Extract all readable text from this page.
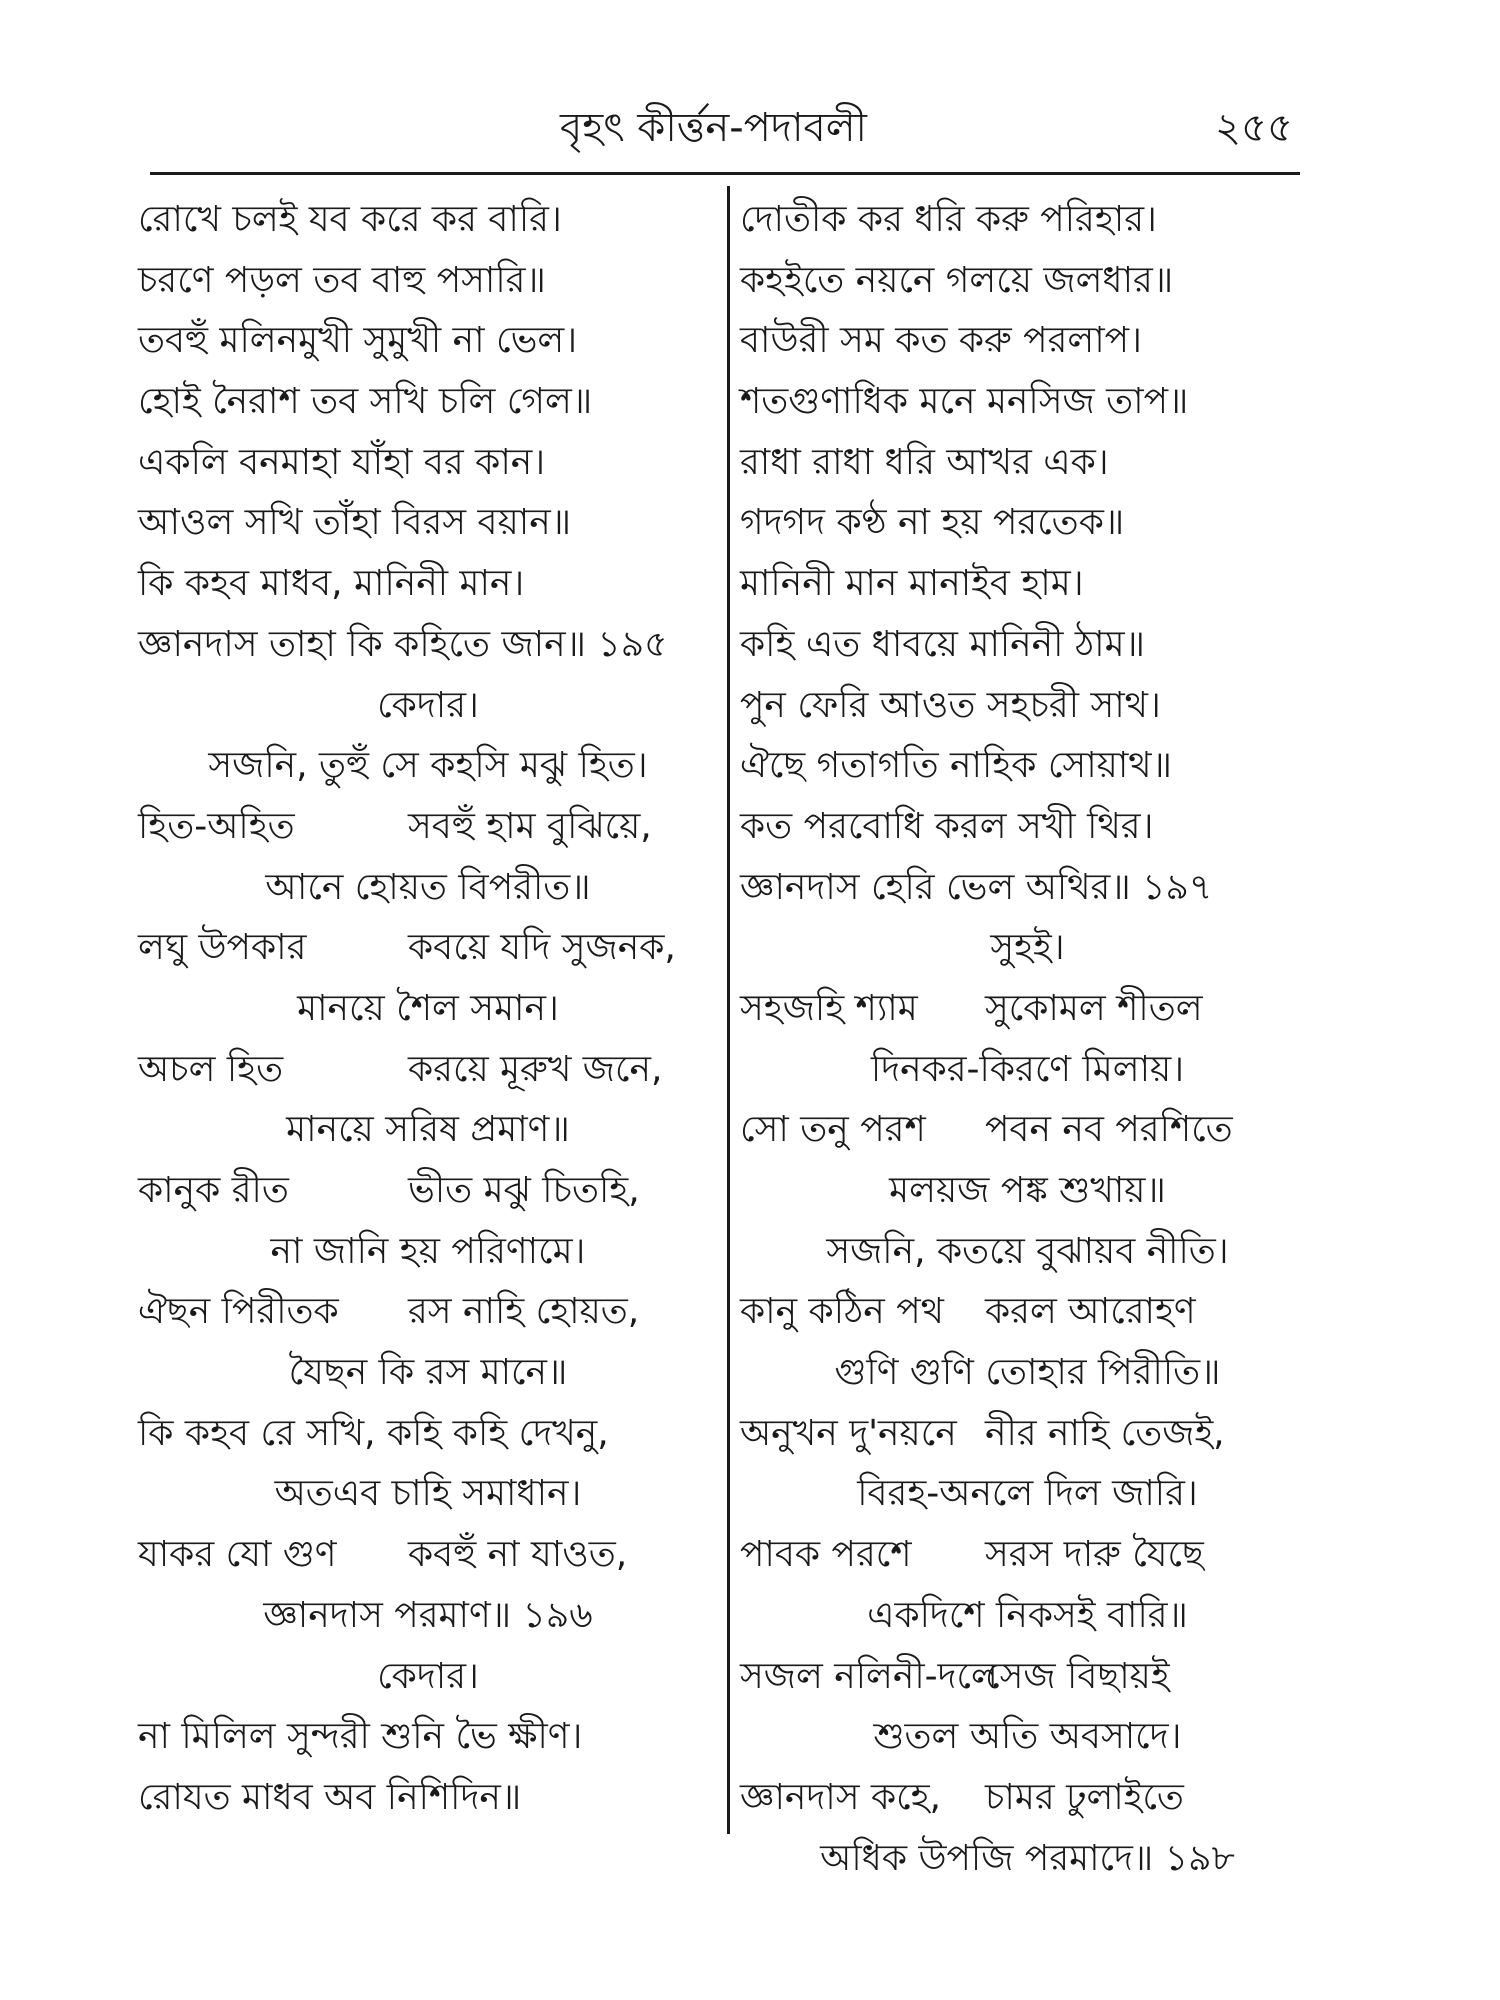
বৃহৎ কীৰ্ত্তন-পদাবলী	২৫৫
রোখে চলই যব করে কর বারি।
চরণে পড়ল তব বাহু পসারি॥
তবহুঁ মলিনমুখী সুমুখী না ভেল।
হোই নৈরাশ তব সখি চলি গেল॥
একলি বনমাহা যাঁহা বর কান।
আওল সখি তাঁহা বিরস বয়ান॥
কি কহব মাধব, মানিনী মান।
জ্ঞানদাস তাহা কি কহিতে জান॥ ১৯৫
কেদার।
সজনি, তুহুঁ সে কহসি মঝু হিত।
হিত-অহিত	সবহুঁ হাম বুঝিয়ে,
আনে হোয়ত বিপরীত॥
লঘু উপকার	কবয়ে যদি সুজনক,
মানয়ে শৈল সমান।
অচল হিত	করয়ে মূরুখ জনে,
মানয়ে সরিষ প্রমাণ॥
কানুক রীত	ভীত মঝু চিতহি,
না জানি হয় পরিণামে।
ঐছন পিরীতক	রস নাহি হোয়ত,
যৈছন কি রস মানে॥
কি কহব রে সখি, কহি কহি দেখনু,
অতএব চাহি সমাধান।
যাকর যো গুণ	কবহুঁ না যাওত,
জ্ঞানদাস পরমাণ॥ ১৯৬
কেদার।
না মিলিল সুন্দরী শুনি ভৈ ক্ষীণ।
রোযত মাধব অব নিশিদিন॥
দোতীক কর ধরি করু পরিহার।
কহইতে নয়নে গলয়ে জলধার॥
বাউরী সম কত করু পরলাপ।
শতগুণাধিক মনে মনসিজ তাপ॥
রাধা রাধা ধরি আখর এক।
গদগদ কণ্ঠ না হয় পরতেক॥
মানিনী মান মানাইব হাম।
কহি এত ধাবয়ে মানিনী ঠাম॥
পুন ফেরি আওত সহচরী সাথ।
ঐছে গতাগতি নাহিক সোয়াথ॥
কত পরবোধি করল সখী থির।
জ্ঞানদাস হেরি ভেল অথির॥ ১৯৭
সুহই।
সহজহি শ্যাম	সুকোমল শীতল
দিনকর-কিরণে মিলায়।
সো তনু পরশ	পবন নব পরশিতে
মলয়জ পঙ্ক শুখায়॥
সজনি, কতয়ে বুঝায়ব নীতি।
কানু কঠিন পথ	করল আরোহণ
গুণি গুণি তোহার পিরীতি॥
অনুখন দু'নয়নে নীর নাহি তেজই,
বিরহ-অনলে দিল জারি।
পাবক পরশে	সরস দারু যৈছে
একদিশে নিকসই বারি॥
সজল নলিনী-দলে
সেজ বিছায়ই
শুতল অতি অবসাদে।
জ্ঞানদাস কহে,	চামর ঢুলাইতে
অধিক উপজি পরমাদে॥ ১৯৮
